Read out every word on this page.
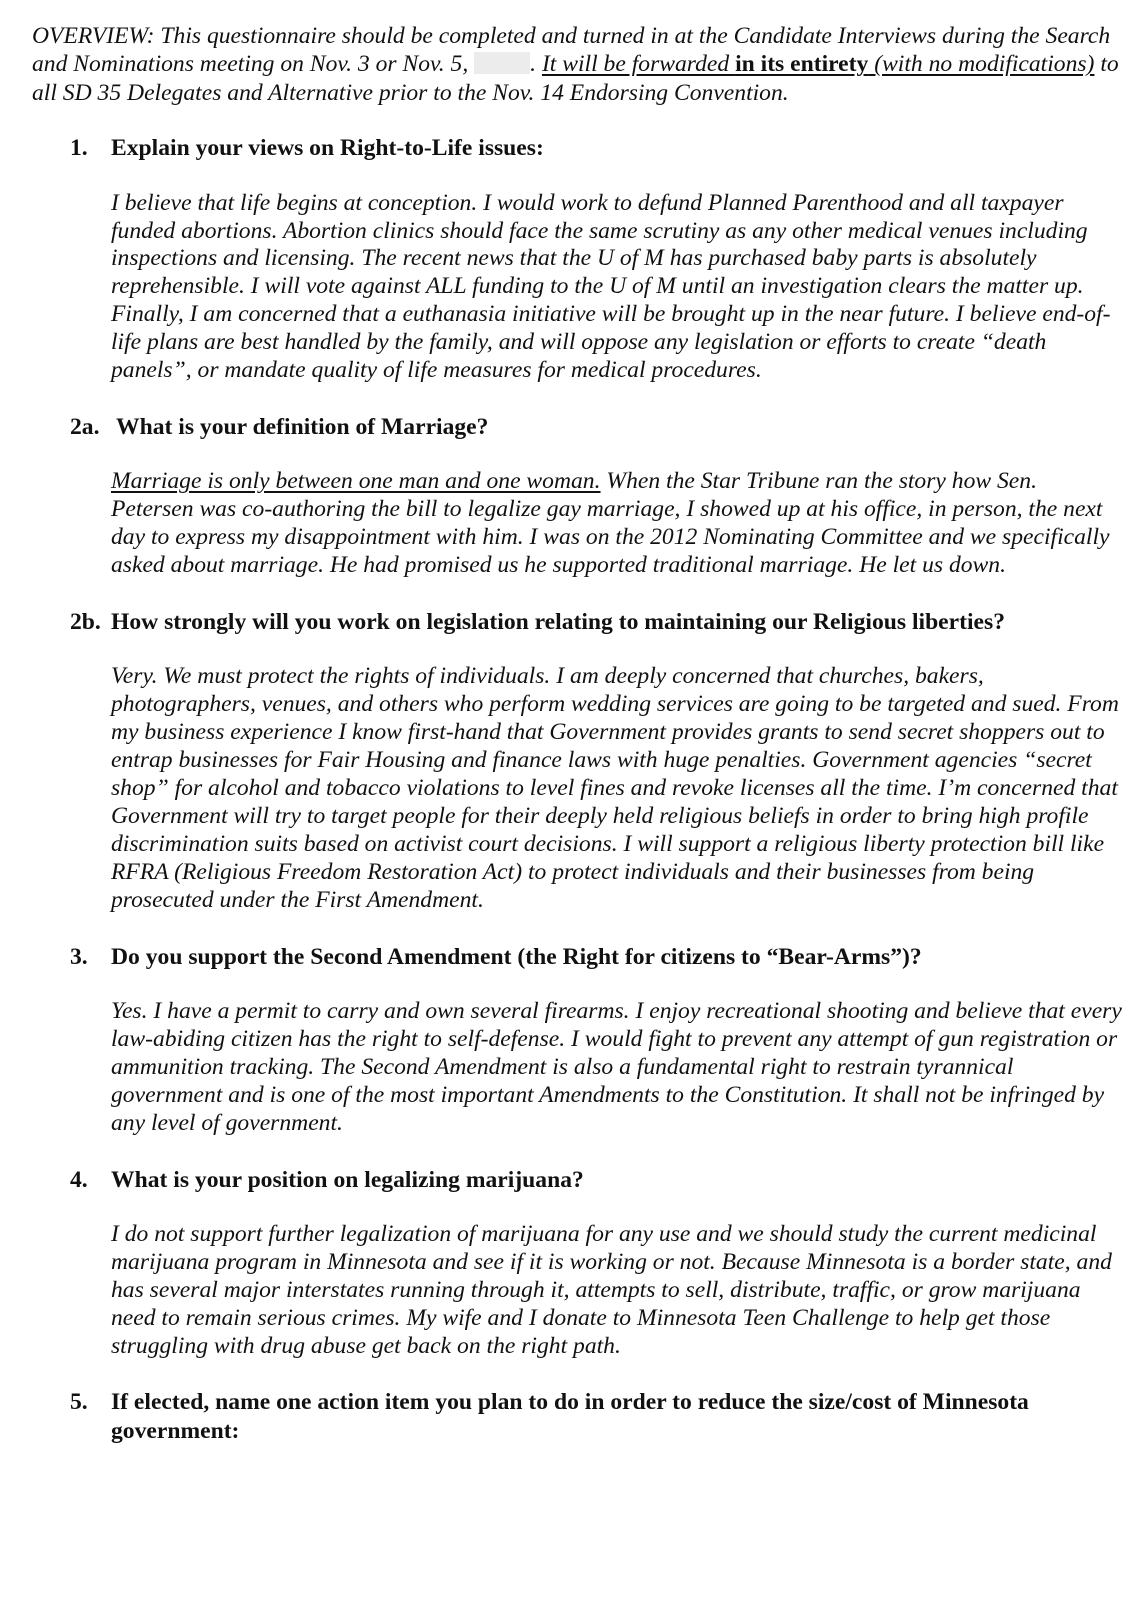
OVERVIEW: This questionnaire should be completed and turned in at the Candidate Interviews during the Search and Nominations meeting on Nov. 3 or Nov. 5, . It will be forwarded in its entirety (with no modifications) to all SD 35 Delegates and Alternative prior to the Nov. 14 Endorsing Convention.

1. Explain your views on Right-to-Life issues:

I believe that life begins at conception. I would work to defund Planned Parenthood and all taxpayer funded abortions. Abortion clinics should face the same scrutiny as any other medical venues including inspections and licensing. The recent news that the U of M has purchased baby parts is absolutely reprehensible. I will vote against ALL funding to the U of M until an investigation clears the matter up. Finally, I am concerned that a euthanasia initiative will be brought up in the near future. I believe end-of-life plans are best handled by the family, and will oppose any legislation or efforts to create “death panels”, or mandate quality of life measures for medical procedures.

2a. What is your definition of Marriage?

Marriage is only between one man and one woman. When the Star Tribune ran the story how Sen. Petersen was co-authoring the bill to legalize gay marriage, I showed up at his office, in person, the next day to express my disappointment with him. I was on the 2012 Nominating Committee and we specifically asked about marriage. He had promised us he supported traditional marriage. He let us down.

2b. How strongly will you work on legislation relating to maintaining our Religious liberties?

Very. We must protect the rights of individuals. I am deeply concerned that churches, bakers, photographers, venues, and others who perform wedding services are going to be targeted and sued. From my business experience I know first-hand that Government provides grants to send secret shoppers out to entrap businesses for Fair Housing and finance laws with huge penalties. Government agencies “secret shop” for alcohol and tobacco violations to level fines and revoke licenses all the time. I’m concerned that Government will try to target people for their deeply held religious beliefs in order to bring high profile discrimination suits based on activist court decisions. I will support a religious liberty protection bill like RFRA (Religious Freedom Restoration Act) to protect individuals and their businesses from being prosecuted under the First Amendment.

3. Do you support the Second Amendment (the Right for citizens to “Bear-Arms”)?

Yes. I have a permit to carry and own several firearms. I enjoy recreational shooting and believe that every law-abiding citizen has the right to self-defense. I would fight to prevent any attempt of gun registration or ammunition tracking. The Second Amendment is also a fundamental right to restrain tyrannical government and is one of the most important Amendments to the Constitution. It shall not be infringed by any level of government.

4. What is your position on legalizing marijuana?

I do not support further legalization of marijuana for any use and we should study the current medicinal marijuana program in Minnesota and see if it is working or not. Because Minnesota is a border state, and has several major interstates running through it, attempts to sell, distribute, traffic, or grow marijuana need to remain serious crimes. My wife and I donate to Minnesota Teen Challenge to help get those struggling with drug abuse get back on the right path.

5. If elected, name one action item you plan to do in order to reduce the size/cost of Minnesota government:
